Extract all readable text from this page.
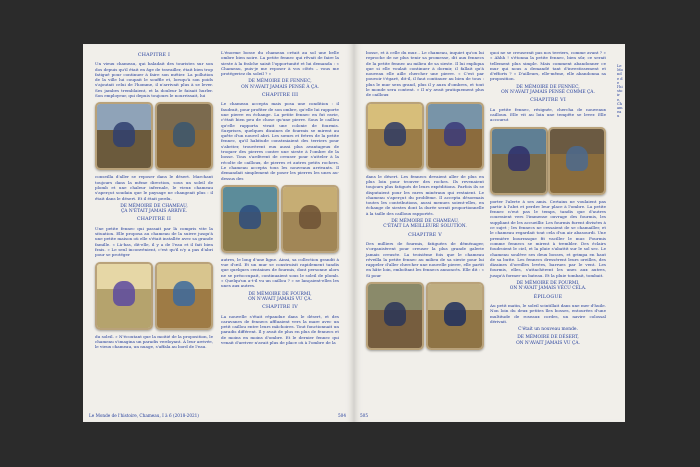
CHAPITRE I

Un vieux chameau, qui baladait des touristes sur son dos depuis qu'il était en âge de travailler, était bien trop fatigué pour continuer à faire son métier. La pollution de la ville lui coupait le souffle et, lorsqu'à son poids s'ajoutait celui de l'homme, il n'arrivait plus à se lever. Ses jambes tremblaient, et la douleur le faisait hurler. Son employeur, qui depuis toujours le nourrissait, lui

conseilla d'aller se reposer dans le désert. Marchant toujours dans la même direction, sous un soleil de plomb et une chaleur infernale, le vieux chameau s'aperçut soudain que le paysage ne changeait plus : il était dans le désert. Et il était perdu.

DE MÉMOIRE DE CHAMEAU,
ÇA N'ÉTAIT JAMAIS ARRIVÉ.
CHAPITRE II

Une petite fennec qui passait par là compris vite la situation. Elle proposa au chameau de la suivre jusqu'à une petite maison où elle s'était installée avec sa grande famille. « Là-bas, dit-elle, il y a de l'eau et il fait bien frais. » Le seul inconvénient, c'est qu'il n'y a pas d'abri pour se protéger

du soleil. » N'écoutant que la moitié de la proposition, le chameau s'imagina un paradis verdoyant. À leur arrivée, le vieux chameau, un nuage, s'affala au bord de l'eau.

L'énorme bosse du chameau créait au sol une belle ombre bien noire. La petite fennec qui rêvait de faire la sieste à la fraîche saisit l'opportunité et lui demanda : « Chameau, puis-je me reposer à vos côtés – vous me protégeriez du soleil ? »

DE MÉMOIRE DE FENNEC,
ON N'AVAIT JAMAIS PENSÉ À ÇA.
CHAPITRE III

Le chameau accepta mais posa une condition : il faudrait, pour profiter de son ombre, qu'elle lui rapporte une pierre en échange. La petite fennec en fut ravie, c'était bien peu de chose qu'une pierre. Sous le caillou qu'elle rapporta vivait une colonie de fourmis. Surprises, quelques dizaines de fourmis se mirent au quête d'un nouvel abri. Les sœurs et frères de la petite fennec, qu'il habitude constraiaient des terriers pour s'abriter, trouvèrent eux aussi plus avantageux de troquer des pierres contre une sieste à l'ombre de la bosse. Tous s'ardèrent de creuser pour s'atteler à la récolte de cailloux, de pierres et autres petits rochers. Le chameau accepta tous les nouveaux arrivants. Il demandait simplement de poser les pierres les unes au-dessus des

autres, le long d'une ligne. Ainsi, sa collection grandit à vue d'œil. Et un mur se construisit rapidement tandis que quelques centaines de fourmis, dont personne alors ne se préoccupait, continuaient sous le soleil de plomb. « Quelqu'un a-t-il vu un caillou ? » se lançaient-elles les unes aux autres.

DE MÉMOIRE DE FOURMI,
ON N'AVAIT JAMAIS VU ÇA.
CHAPITRE IV

La nouvelle s'était répandue dans le désert, et des caravanes de fennecs affluaient vers la mare avec un petit caillou entre leurs mâchoires. Tout fonctionnait un paradis différent. Il y avait de plus en plus de fennecs et de moins en moins d'ombre. Et le dernier fennec qui venait d'arriver n'avait plus de place où à l'ombre de la

Le Monde de l'histoire, Chameau, I à 6 (2018-2021)	504

bosse, et à celle du mur... Le chameau, inquiet qu'on lui reproche de ne plus tenir sa promesse, dit aux fennecs de la petite fennec au milieu de sa sieste. Il lui expliqua que si elle voulait continuer à dormir, il fallait qu'à nouveau elle aille chercher une pierre. « C'est par pouvoir t'égaré, dit-il, il faut continuer au bien de tous : plus le mur sera grand, plus il y aura d'ombres, et tout le monde sera content. » Il n'y avait pratiquement plus de cailloux

dans le désert. Les fennecs devaient aller de plus en plus loin pour trouver des roches. Ils revenaient toujours plus fatigués de leurs expéditions. Parfois ils se disputaient pour les rares minéraux qui restaient. Le chameau s'aperçut du problème. Il accepta désormais toutes les contributions, aussi menues soient-elles, en échange de siestes dont la durée serait proportionnelle à la taille des cailloux rapportés.

DE MÉMOIRE DE CHAMEAU,
C'ÉTAIT LA MEILLEURE SOLUTION.
CHAPITRE V

Des milliers de fourmis, fatiguées de déménager, s'organisèrent pour creuser la plus grande galerie jamais creusée. La troisième fois que le chameau réveilla la petite fennec au milieu de sa sieste pour lui rappeler d'aller chercher une nouvelle pierre, elle partit en hâte loin, emboîtant les fennecs annoncés. Elle dit : « Si pour

quoi ne se creuserait pas nos terriers, comme avant ? » « Ahhh ! s'étonna la petite fennec, bien sûr, ce serait tellement plus simple. Mais comment abandonner ce mur qui nous a demandé tant d'investissement et d'efforts ? » D'ailleurs, elle-même, elle abandonna sa proposition.

DE MÉMOIRE DE FENNEC,
ON N'AVAIT JAMAIS PENSÉ COMME ÇA.
CHAPITRE VI

La petite fennec, résignée, chercha de nouveaux cailloux. Elle vit au loin une tempête se lever. Elle accourut

porter l'alerte à ses amis. Certains ne voulaient pas partir à l'abri et perdre leur place à l'ombre. La petite fennec n'eut pas le temps, tandis que d'autres courraient vers l'immense ouvrage des fourmis, les suppliant de les accueillir. Les fourmis furent divisées à ce sujet ; les fennecs ne cessaient de se chamailler, et le chameau regardait tout cela d'un air abasourdi. Une première bourrasque fit vaciller le mur. Fourmis comme fennecs se mirent à trembler. Des éclairs foudroient le ciel, et la pluie s'abattit sur le sol sec. Le chameau soulève ses deux bosses, et grimpa en haut de sa butte. Les fennecs dressèrent leurs oreilles, des dizaines d'oreilles levées, barrues par le vent. Les fourmis, elles, s'attachèrent les unes aux autres, jusqu'à former un bateau. Et la pluie tombait, tombait.

DE MÉMOIRE DE FOURMI,
ON N'AVAIT JAMAIS VÉCU CELA.
ÉPILOGUE

Au petit matin, le soleil scintillait dans une mer d'huile. Non loin du deux petites îles bosses, entourées d'une multitude de roseaux cordes, un navire colossal dérivait.

C'était un nouveau monde.
DE MÉMOIRE DE DÉSERT,
ON N'AVAIT JAMAIS VU ÇA.
Le Monde de l'histoire, Chameau
505
